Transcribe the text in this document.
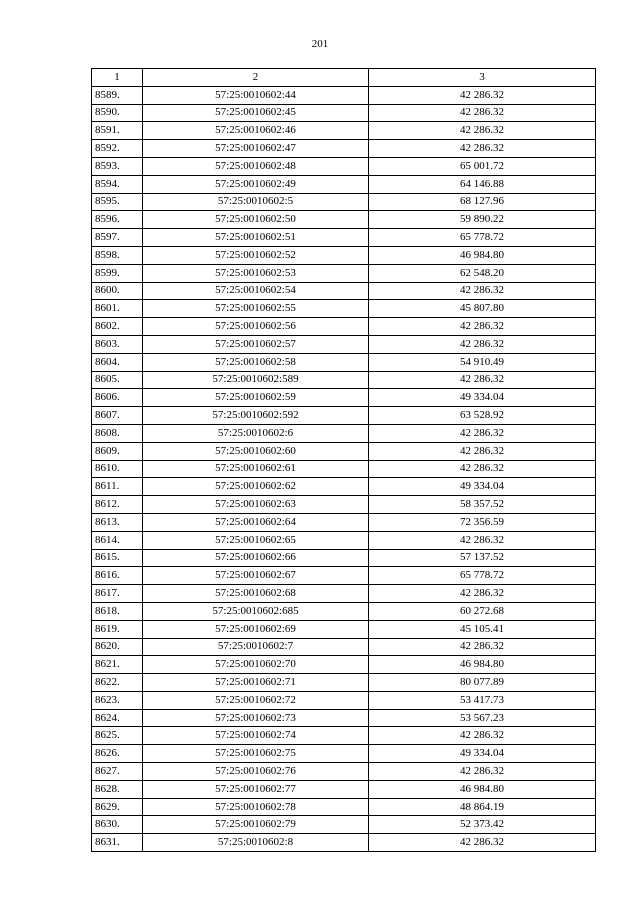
201
1	2	3
8589.	57:25:0010602:44	42 286.32
8590.	57:25:0010602:45	42 286.32
8591.	57:25:0010602:46	42 286.32
8592.	57:25:0010602:47	42 286.32
8593.	57:25:0010602:48	65 001.72
8594.	57:25:0010602:49	64 146.88
8595.	57:25:0010602:5	68 127.96
8596.	57:25:0010602:50	59 890.22
8597.	57:25:0010602:51	65 778.72
8598.	57:25:0010602:52	46 984.80
8599.	57:25:0010602:53	62 548.20
8600.	57:25:0010602:54	42 286.32
8601.	57:25:0010602:55	45 807.80
8602.	57:25:0010602:56	42 286.32
8603.	57:25:0010602:57	42 286.32
8604.	57:25:0010602:58	54 910.49
8605.	57:25:0010602:589	42 286.32
8606.	57:25:0010602:59	49 334.04
8607.	57:25:0010602:592	63 528.92
8608.	57:25:0010602:6	42 286.32
8609.	57:25:0010602:60	42 286.32
8610.	57:25:0010602:61	42 286.32
8611.	57:25:0010602:62	49 334.04
8612.	57:25:0010602:63	58 357.52
8613.	57:25:0010602:64	72 356.59
8614.	57:25:0010602:65	42 286.32
8615.	57:25:0010602:66	57 137.52
8616.	57:25:0010602:67	65 778.72
8617.	57:25:0010602:68	42 286.32
8618.	57:25:0010602:685	60 272.68
8619.	57:25:0010602:69	45 105.41
8620.	57:25:0010602:7	42 286.32
8621.	57:25:0010602:70	46 984.80
8622.	57:25:0010602:71	80 077.89
8623.	57:25:0010602:72	53 417.73
8624.	57:25:0010602:73	53 567.23
8625.	57:25:0010602:74	42 286.32
8626.	57:25:0010602:75	49 334.04
8627.	57:25:0010602:76	42 286.32
8628.	57:25:0010602:77	46 984.80
8629.	57:25:0010602:78	48 864.19
8630.	57:25:0010602:79	52 373.42
8631.	57:25:0010602:8	42 286.32
